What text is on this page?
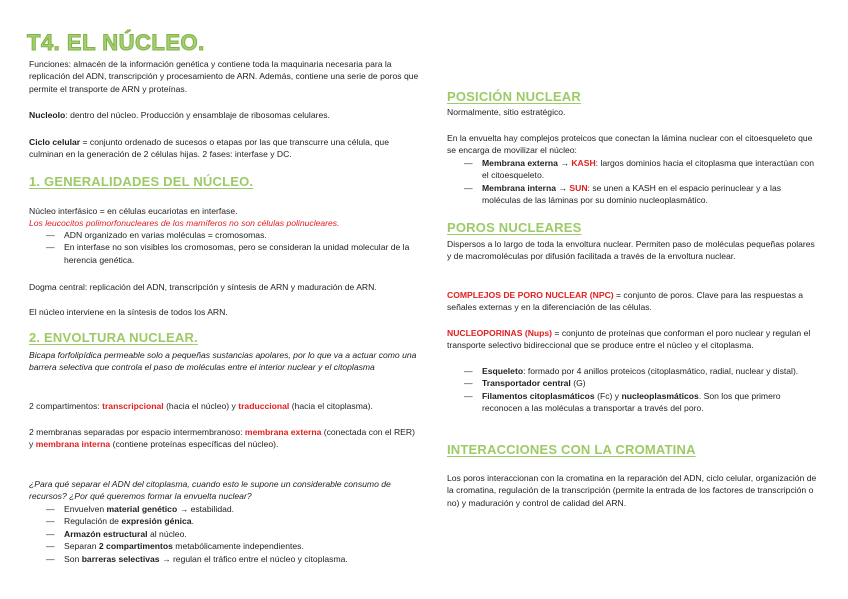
T4. EL NÚCLEO.

Funciones: almacén de la información genética y contiene toda la maquinaria necesaria para la replicación del ADN, transcripción y procesamiento de ARN. Además, contiene una serie de poros que permite el transporte de ARN y proteínas.

Nucleolo: dentro del núcleo. Producción y ensamblaje de ribosomas celulares.

Ciclo celular = conjunto ordenado de sucesos o etapas por las que transcurre una célula, que culminan en la generación de 2 células hijas. 2 fases: interfase y DC.

1. GENERALIDADES DEL NÚCLEO.

Núcleo interfásico = en células eucariotas en interfase.

Los leucocitos polimorfonucleares de los mamíferos no son células polinucleares.

— ADN organizado en varias moléculas = cromosomas.
— En interfase no son visibles los cromosomas, pero se consideran la unidad molecular de la herencia genética.

Dogma central: replicación del ADN, transcripción y síntesis de ARN y maduración de ARN.

El núcleo interviene en la síntesis de todos los ARN.

2. ENVOLTURA NUCLEAR.

Bicapa forfolipídica permeable solo a pequeñas sustancias apolares, por lo que va a actuar como una barrera selectiva que controla el paso de moléculas entre el interior nuclear y el citoplasma

2 compartimentos: transcripcional (hacia el núcleo) y traduccional (hacia el citoplasma).

2 membranas separadas por espacio intermembranoso: membrana externa (conectada con el RER) y membrana interna (contiene proteínas específicas del núcleo).

¿Para qué separar el ADN del citoplasma, cuando esto le supone un considerable consumo de recursos? ¿Por qué queremos formar la envuelta nuclear?

— Envuelven material genético → estabilidad.
— Regulación de expresión génica.
— Armazón estructural al núcleo.
— Separan 2 compartimentos metabólicamente independientes.
— Son barreras selectivas → regulan el tráfico entre el núcleo y citoplasma.
POSICIÓN NUCLEAR

Normalmente, sitio estratégico.

En la envuelta hay complejos proteicos que conectan la lámina nuclear con el citoesqueleto que se encarga de movilizar el núcleo:

— Membrana externa → KASH: largos dominios hacia el citoplasma que interactúan con el citoesqueleto.
— Membrana interna → SUN: se unen a KASH en el espacio perinuclear y a las moléculas de las láminas por su dominio nucleoplasmático.
POROS NUCLEARES

Dispersos a lo largo de toda la envoltura nuclear. Permiten paso de moléculas pequeñas polares y de macromoléculas por difusión facilitada a través de la envoltura nuclear.

COMPLEJOS DE PORO NUCLEAR (NPC) = conjunto de poros. Clave para las respuestas a señales externas y en la diferenciación de las células.

NUCLEOPORINAS (Nups) = conjunto de proteínas que conforman el poro nuclear y regulan el transporte selectivo bidireccional que se produce entre el núcleo y el citoplasma.

— Esqueleto: formado por 4 anillos proteicos (citoplasmático, radial, nuclear y distal).
— Transportador central (G)
— Filamentos citoplasmáticos (Fc) y nucleoplasmáticos. Son los que primero reconocen a las moléculas a transportar a través del poro.
INTERACCIONES CON LA CROMATINA

Los poros interaccionan con la cromatina en la reparación del ADN, ciclo celular, organización de la cromatina, regulación de la transcripción (permite la entrada de los factores de transcripción o no) y maduración y control de calidad del ARN.
